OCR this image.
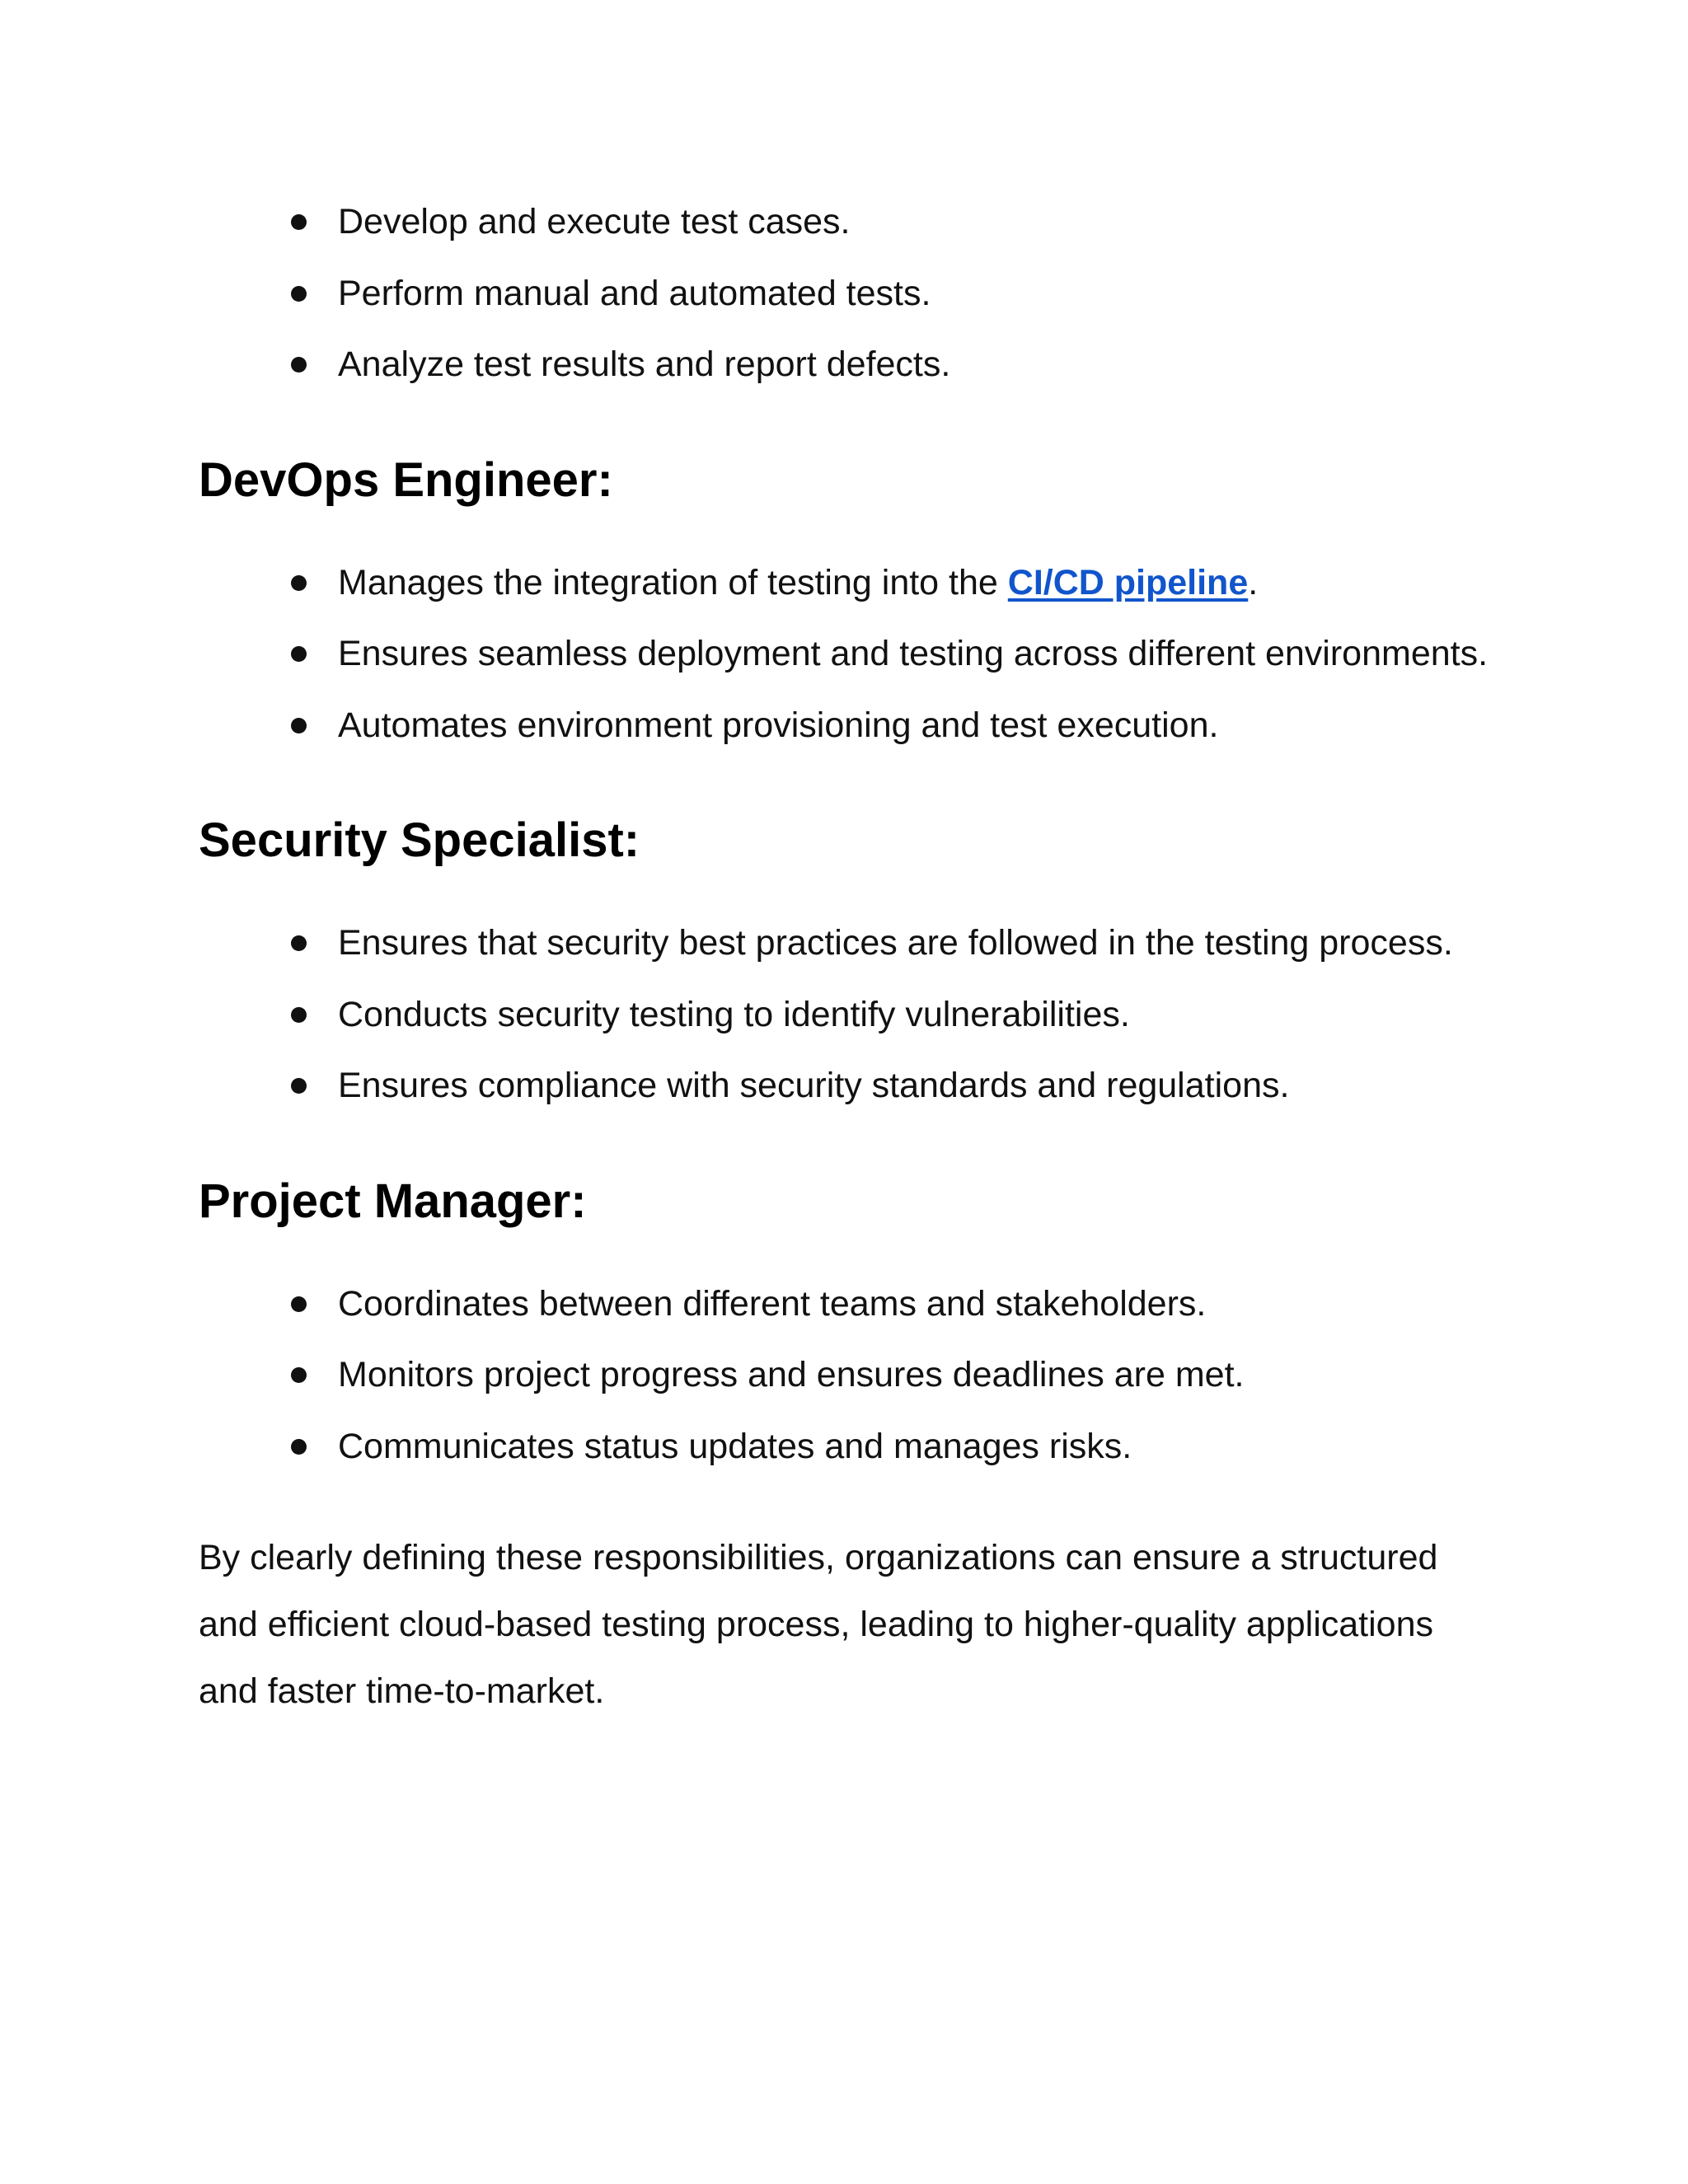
Develop and execute test cases.
Perform manual and automated tests.
Analyze test results and report defects.
DevOps Engineer:
Manages the integration of testing into the CI/CD pipeline.
Ensures seamless deployment and testing across different environments.
Automates environment provisioning and test execution.
Security Specialist:
Ensures that security best practices are followed in the testing process.
Conducts security testing to identify vulnerabilities.
Ensures compliance with security standards and regulations.
Project Manager:
Coordinates between different teams and stakeholders.
Monitors project progress and ensures deadlines are met.
Communicates status updates and manages risks.

By clearly defining these responsibilities, organizations can ensure a structured and efficient cloud-based testing process, leading to higher-quality applications and faster time-to-market.
